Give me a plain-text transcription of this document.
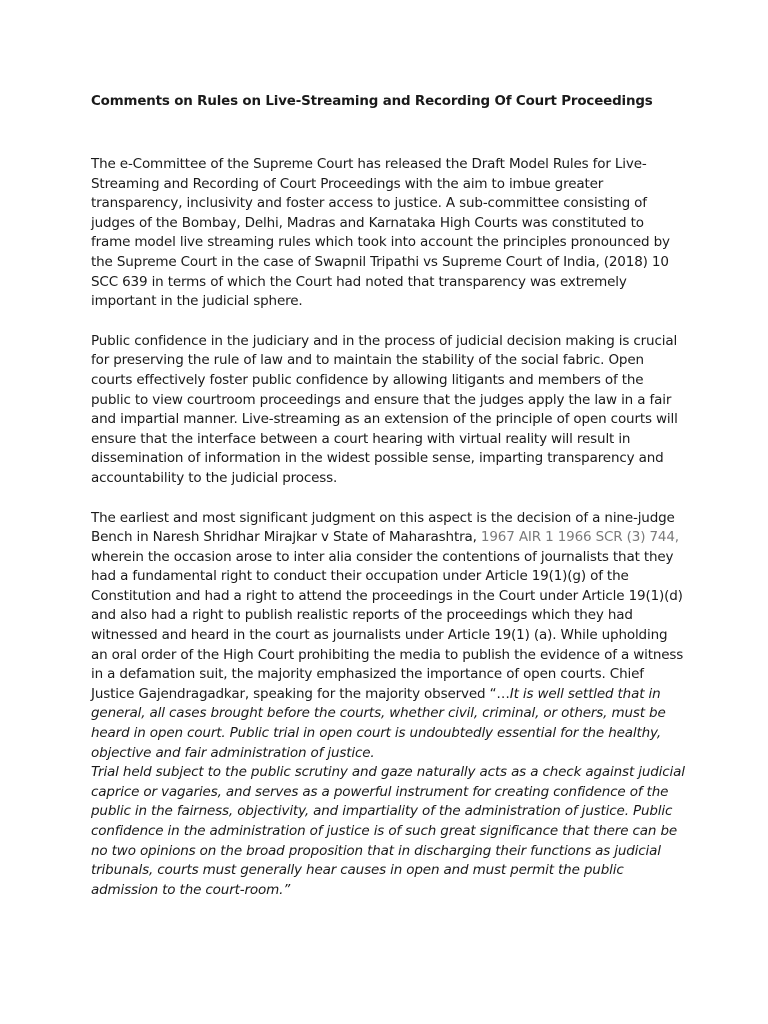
Comments on Rules on Live-Streaming and Recording Of Court Proceedings

The e-Committee of the Supreme Court has released the Draft Model Rules for Live-Streaming and Recording of Court Proceedings with the aim to imbue greater transparency, inclusivity and foster access to justice. A sub-committee consisting of judges of the Bombay, Delhi, Madras and Karnataka High Courts was constituted to frame model live streaming rules which took into account the principles pronounced by the Supreme Court in the case of Swapnil Tripathi vs Supreme Court of India, (2018) 10 SCC 639 in terms of which the Court had noted that transparency was extremely important in the judicial sphere.

Public confidence in the judiciary and in the process of judicial decision making is crucial for preserving the rule of law and to maintain the stability of the social fabric. Open courts effectively foster public confidence by allowing litigants and members of the public to view courtroom proceedings and ensure that the judges apply the law in a fair and impartial manner. Live-streaming as an extension of the principle of open courts will ensure that the interface between a court hearing with virtual reality will result in dissemination of information in the widest possible sense, imparting transparency and accountability to the judicial process.

The earliest and most significant judgment on this aspect is the decision of a nine-judge Bench in Naresh Shridhar Mirajkar v State of Maharashtra, 1967 AIR 1 1966 SCR (3) 744, wherein the occasion arose to inter alia consider the contentions of journalists that they had a fundamental right to conduct their occupation under Article 19(1)(g) of the Constitution and had a right to attend the proceedings in the Court under Article 19(1)(d) and also had a right to publish realistic reports of the proceedings which they had witnessed and heard in the court as journalists under Article 19(1) (a). While upholding an oral order of the High Court prohibiting the media to publish the evidence of a witness in a defamation suit, the majority emphasized the importance of open courts. Chief Justice Gajendragadkar, speaking for the majority observed “…It is well settled that in general, all cases brought before the courts, whether civil, criminal, or others, must be heard in open court. Public trial in open court is undoubtedly essential for the healthy, objective and fair administration of justice.
Trial held subject to the public scrutiny and gaze naturally acts as a check against judicial caprice or vagaries, and serves as a powerful instrument for creating confidence of the public in the fairness, objectivity, and impartiality of the administration of justice. Public confidence in the administration of justice is of such great significance that there can be no two opinions on the broad proposition that in discharging their functions as judicial tribunals, courts must generally hear causes in open and must permit the public admission to the court-room.”
